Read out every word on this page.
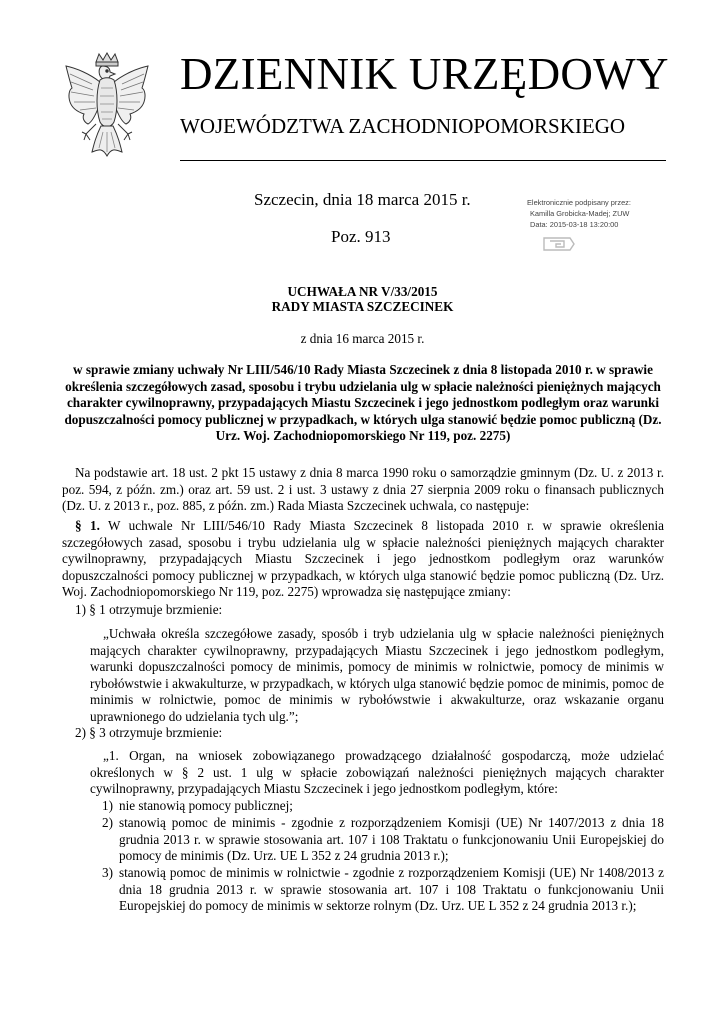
DZIENNIK URZĘDOWY
WOJEWÓDZTWA ZACHODNIOPOMORSKIEGO
Szczecin, dnia 18 marca 2015 r.
Poz. 913
Elektronicznie podpisany przez:
Kamilla Grobicka-Madej; ZUW
Data: 2015-03-18 13:20:00
UCHWAŁA NR V/33/2015
RADY MIASTA SZCZECINEK
z dnia 16 marca 2015 r.
w sprawie zmiany uchwały Nr LIII/546/10 Rady Miasta Szczecinek z dnia 8 listopada 2010 r. w sprawie określenia szczegółowych zasad, sposobu i trybu udzielania ulg w spłacie należności pieniężnych mających charakter cywilnoprawny, przypadających Miastu Szczecinek i jego jednostkom podległym oraz warunki dopuszczalności pomocy publicznej w przypadkach, w których ulga stanowić będzie pomoc publiczną (Dz. Urz. Woj. Zachodniopomorskiego Nr 119, poz. 2275)
Na podstawie art. 18 ust. 2 pkt 15 ustawy z dnia 8 marca 1990 roku o samorządzie gminnym (Dz. U. z 2013 r. poz. 594, z późn. zm.) oraz art. 59 ust. 2 i ust. 3 ustawy z dnia 27 sierpnia 2009 roku o finansach publicznych (Dz. U. z 2013 r., poz. 885, z późn. zm.) Rada Miasta Szczecinek uchwala, co następuje:
§ 1. W uchwale Nr LIII/546/10 Rady Miasta Szczecinek 8 listopada 2010 r. w sprawie określenia szczegółowych zasad, sposobu i trybu udzielania ulg w spłacie należności pieniężnych mających charakter cywilnoprawny, przypadających Miastu Szczecinek i jego jednostkom podległym oraz warunków dopuszczalności pomocy publicznej w przypadkach, w których ulga stanowić będzie pomoc publiczną (Dz. Urz. Woj. Zachodniopomorskiego Nr 119, poz. 2275) wprowadza się następujące zmiany:
1) § 1 otrzymuje brzmienie:
„Uchwała określa szczegółowe zasady, sposób i tryb udzielania ulg w spłacie należności pieniężnych mających charakter cywilnoprawny, przypadających Miastu Szczecinek i jego jednostkom podległym, warunki dopuszczalności pomocy de minimis, pomocy de minimis w rolnictwie, pomocy de minimis w rybołówstwie i akwakulturze, w przypadkach, w których ulga stanowić będzie pomoc de minimis, pomoc de minimis w rolnictwie, pomoc de minimis w rybołówstwie i akwakulturze, oraz wskazanie organu uprawnionego do udzielania tych ulg.”;
2) § 3 otrzymuje brzmienie:
„1. Organ, na wniosek zobowiązanego prowadzącego działalność gospodarczą, może udzielać określonych w § 2 ust. 1 ulg w spłacie zobowiązań należności pieniężnych mających charakter cywilnoprawny, przypadających Miastu Szczecinek i jego jednostkom podległym, które:
1) nie stanowią pomocy publicznej;
2) stanowią pomoc de minimis - zgodnie z rozporządzeniem Komisji (UE) Nr 1407/2013 z dnia 18 grudnia 2013 r. w sprawie stosowania art. 107 i 108 Traktatu o funkcjonowaniu Unii Europejskiej do pomocy de minimis (Dz. Urz. UE L 352 z 24 grudnia 2013 r.);
3) stanowią pomoc de minimis w rolnictwie - zgodnie z rozporządzeniem Komisji (UE) Nr 1408/2013 z dnia 18 grudnia 2013 r. w sprawie stosowania art. 107 i 108 Traktatu o funkcjonowaniu Unii Europejskiej do pomocy de minimis w sektorze rolnym (Dz. Urz. UE L 352 z 24 grudnia 2013 r.);
